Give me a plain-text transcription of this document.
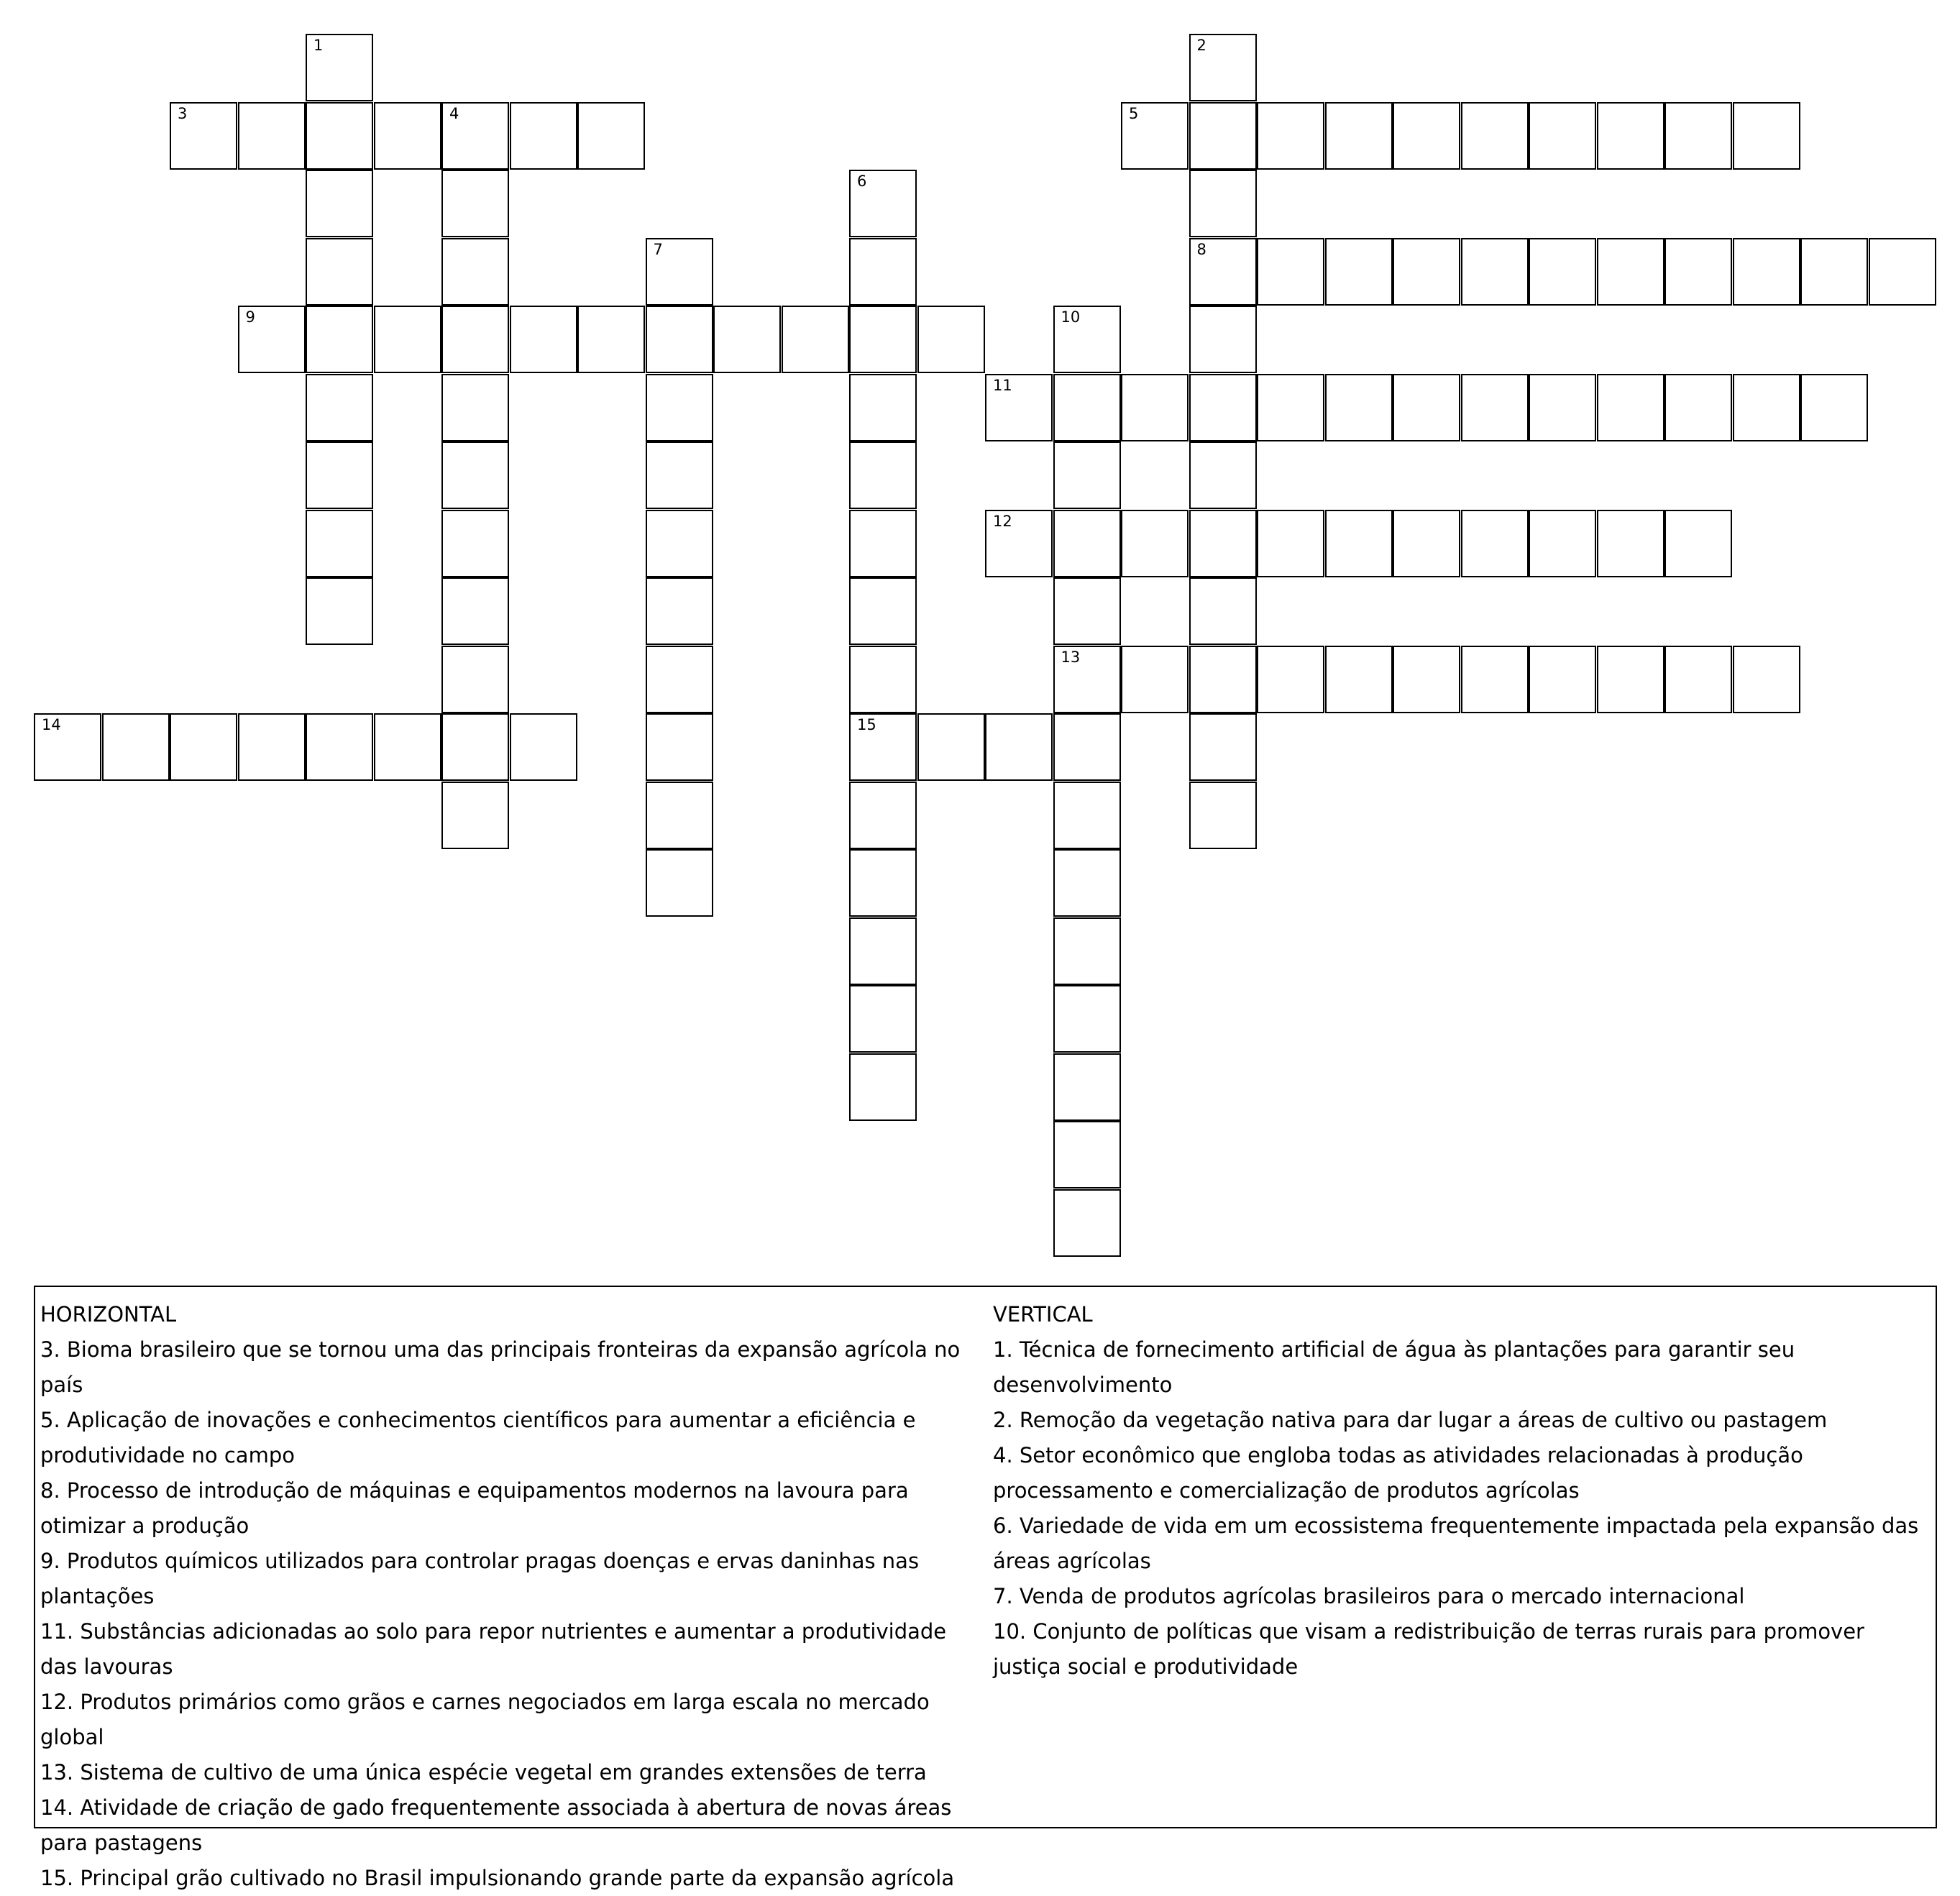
1	2
8
3	4	5
6
15
7
9	10
13
11
12
14

HORIZONTAL

3. Bioma brasileiro que se tornou uma das principais fronteiras da expansão agrícola no país

5. Aplicação de inovações e conhecimentos científicos para aumentar a eficiência e produtividade no campo

8. Processo de introdução de máquinas e equipamentos modernos na lavoura para otimizar a produção

9. Produtos químicos utilizados para controlar pragas doenças e ervas daninhas nas plantações

11. Substâncias adicionadas ao solo para repor nutrientes e aumentar a produtividade das lavouras

12. Produtos primários como grãos e carnes negociados em larga escala no mercado global

13. Sistema de cultivo de uma única espécie vegetal em grandes extensões de terra

14. Atividade de criação de gado frequentemente associada à abertura de novas áreas para pastagens

15. Principal grão cultivado no Brasil impulsionando grande parte da expansão agrícola

VERTICAL

1. Técnica de fornecimento artificial de água às plantações para garantir seu desenvolvimento

2. Remoção da vegetação nativa para dar lugar a áreas de cultivo ou pastagem

4. Setor econômico que engloba todas as atividades relacionadas à produção processamento e comercialização de produtos agrícolas

6. Variedade de vida em um ecossistema frequentemente impactada pela expansão das áreas agrícolas

7. Venda de produtos agrícolas brasileiros para o mercado internacional

10. Conjunto de políticas que visam a redistribuição de terras rurais para promover justiça social e produtividade
